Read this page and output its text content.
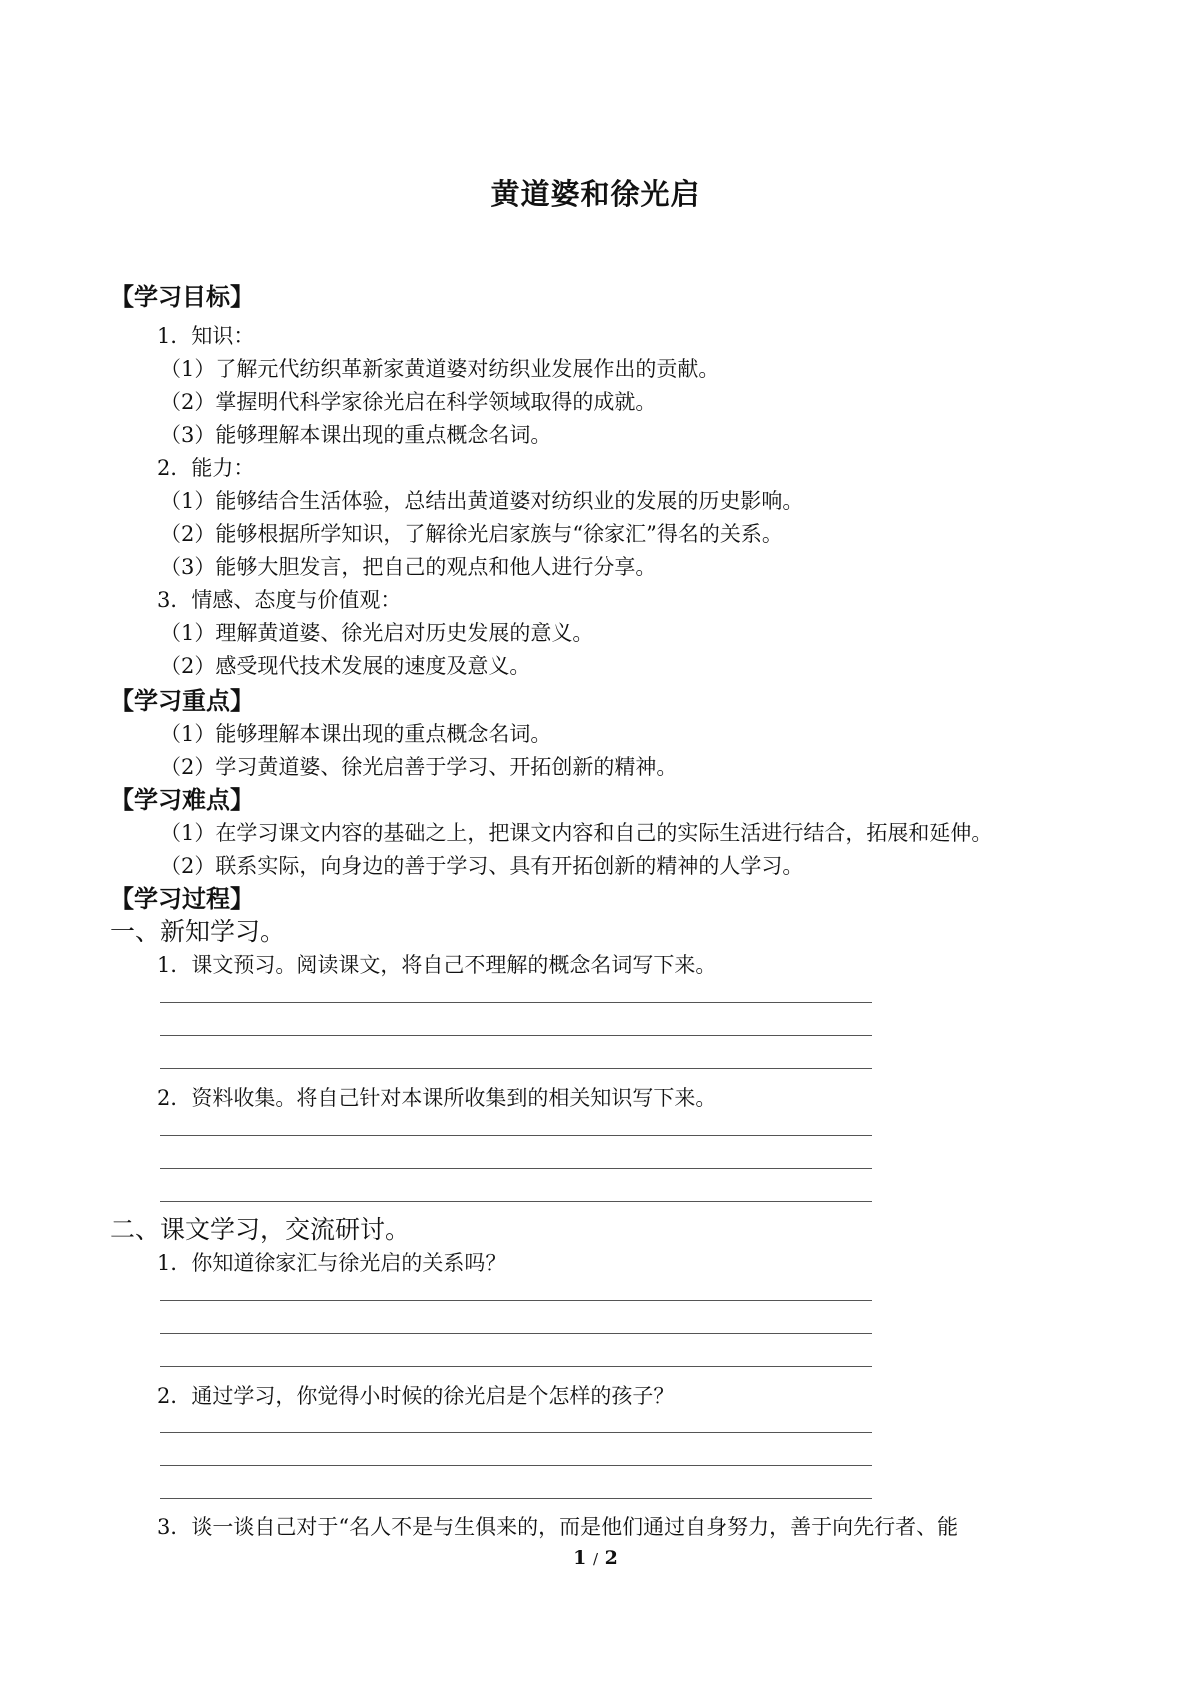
黄道婆和徐光启
【学习目标】
1．知识：
（1）了解元代纺织革新家黄道婆对纺织业发展作出的贡献。
（2）掌握明代科学家徐光启在科学领域取得的成就。
（3）能够理解本课出现的重点概念名词。
2．能力：
（1）能够结合生活体验，总结出黄道婆对纺织业的发展的历史影响。
（2）能够根据所学知识，了解徐光启家族与“徐家汇”得名的关系。
（3）能够大胆发言，把自己的观点和他人进行分享。
3．情感、态度与价值观：
（1）理解黄道婆、徐光启对历史发展的意义。
（2）感受现代技术发展的速度及意义。
【学习重点】
（1）能够理解本课出现的重点概念名词。
（2）学习黄道婆、徐光启善于学习、开拓创新的精神。
【学习难点】
（1）在学习课文内容的基础之上，把课文内容和自己的实际生活进行结合，拓展和延伸。
（2）联系实际，向身边的善于学习、具有开拓创新的精神的人学习。
【学习过程】
一、新知学习。
1．课文预习。阅读课文，将自己不理解的概念名词写下来。
2．资料收集。将自己针对本课所收集到的相关知识写下来。
二、课文学习，交流研讨。
1．你知道徐家汇与徐光启的关系吗？
2．通过学习，你觉得小时候的徐光启是个怎样的孩子？
3．谈一谈自己对于“名人不是与生俱来的，而是他们通过自身努力，善于向先行者、能
1 / 2
